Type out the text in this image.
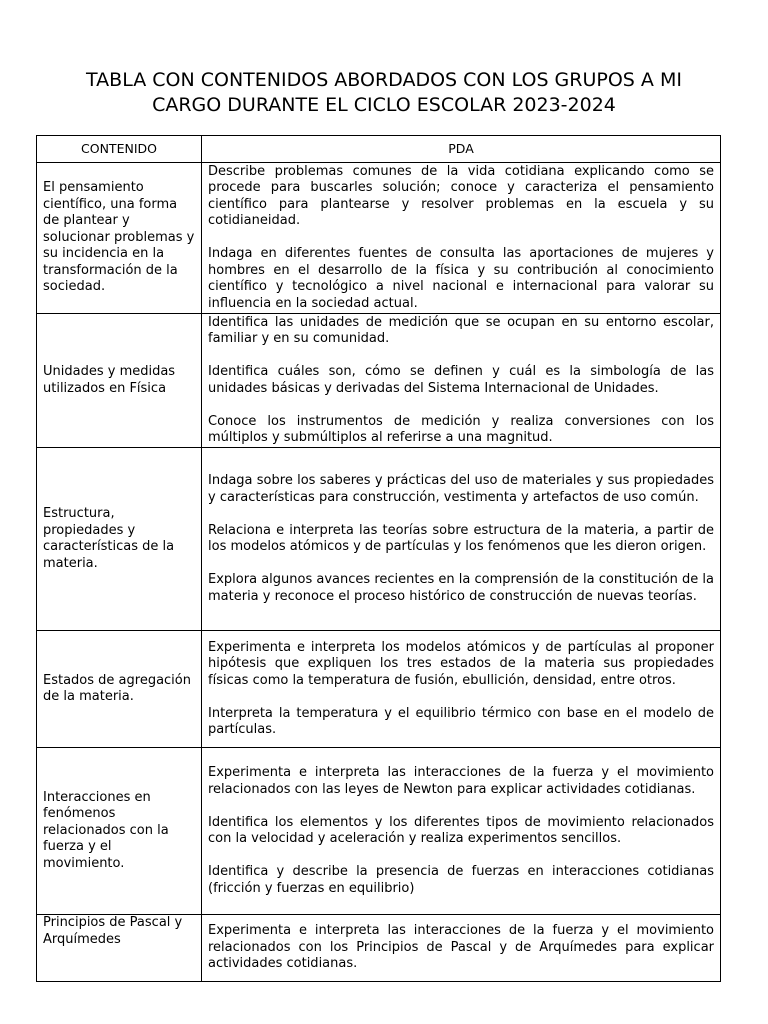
TABLA CON CONTENIDOS ABORDADOS CON LOS GRUPOS A MI
CARGO DURANTE EL CICLO ESCOLAR 2023-2024
CONTENIDO	PDA
El pensamiento científico, una forma de plantear y solucionar problemas y su incidencia en la transformación de la sociedad.	Describe problemas comunes de la vida cotidiana explicando como se procede para buscarles solución; conoce y caracteriza el pensamiento científico para plantearse y resolver problemas en la escuela y su cotidianeidad.

Indaga en diferentes fuentes de consulta las aportaciones de mujeres y hombres en el desarrollo de la física y su contribución al conocimiento científico y tecnológico a nivel nacional e internacional para valorar su influencia en la sociedad actual.

Unidades y medidas utilizados en Física	Identifica las unidades de medición que se ocupan en su entorno escolar, familiar y en su comunidad.

Identifica cuáles son, cómo se definen y cuál es la simbología de las unidades básicas y derivadas del Sistema Internacional de Unidades.

Conoce los instrumentos de medición y realiza conversiones con los múltiplos y submúltiplos al referirse a una magnitud.

Estructura, propiedades y características de la materia.	Indaga sobre los saberes y prácticas del uso de materiales y sus propiedades y características para construcción, vestimenta y artefactos de uso común.

Relaciona e interpreta las teorías sobre estructura de la materia, a partir de los modelos atómicos y de partículas y los fenómenos que les dieron origen.

Explora algunos avances recientes en la comprensión de la constitución de la materia y reconoce el proceso histórico de construcción de nuevas teorías.

Estados de agregación de la materia.	Experimenta e interpreta los modelos atómicos y de partículas al proponer hipótesis que expliquen los tres estados de la materia sus propiedades físicas como la temperatura de fusión, ebullición, densidad, entre otros.

Interpreta la temperatura y el equilibrio térmico con base en el modelo de partículas.

Interacciones en fenómenos relacionados con la fuerza y el movimiento.	Experimenta e interpreta las interacciones de la fuerza y el movimiento relacionados con las leyes de Newton para explicar actividades cotidianas.

Identifica los elementos y los diferentes tipos de movimiento relacionados con la velocidad y aceleración y realiza experimentos sencillos.

Identifica y describe la presencia de fuerzas en interacciones cotidianas (fricción y fuerzas en equilibrio)

Principios de Pascal y Arquímedes	Experimenta e interpreta las interacciones de la fuerza y el movimiento relacionados con los Principios de Pascal y de Arquímedes para explicar actividades cotidianas.
